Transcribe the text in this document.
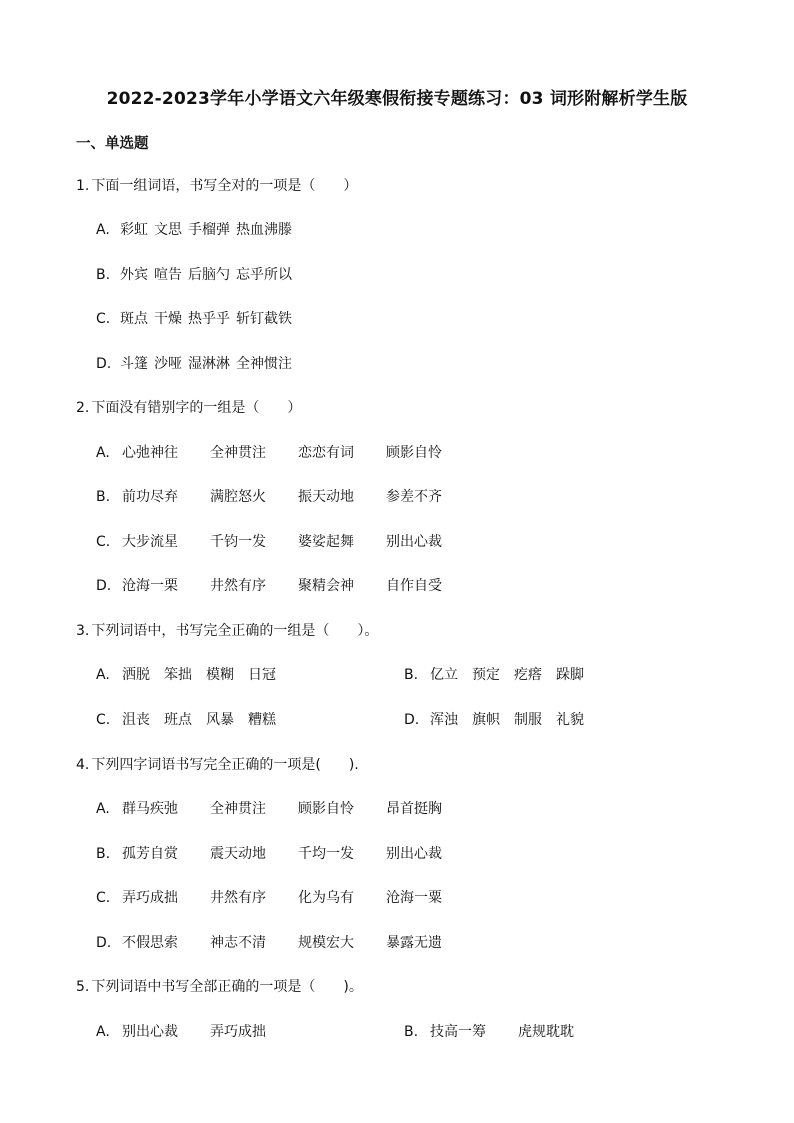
2022-2023学年小学语文六年级寒假衔接专题练习：03 词形附解析学生版
一、单选题
1. 下面一组词语，书写全对的一项是（　　）
A. 彩虹 文思 手榴弹 热血沸滕
B. 外宾 喧告 后脑勺 忘乎所以
C. 斑点 干燥 热乎乎 斩钉截铁
D. 斗篷 沙哑 湿淋淋 全神惯注
2. 下面没有错别字的一组是（　　）
A. 心弛神往 全神贯注 恋恋有词 顾影自怜
B. 前功尽弃 满腔怒火 振天动地 参差不齐
C. 大步流星 千钧一发 婆娑起舞 别出心裁
D. 沧海一栗 井然有序 聚精会神 自作自受
3. 下列词语中，书写完全正确的一组是（　　）。
A. 洒脱 笨拙 模糊 日冠	B. 亿立 预定 疙瘩 跺脚
C. 沮丧 班点 风暴 糟糕	D. 浑浊 旗帜 制服 礼貌
4. 下列四字词语书写完全正确的一项是(　　).
A. 群马疾弛 全神贯注 顾影自怜 昂首挺胸
B. 孤芳自赏 震天动地 千均一发 别出心裁
C. 弄巧成拙 井然有序 化为乌有 沧海一粟
D. 不假思索 神志不清 规模宏大 暴露无遗
5. 下列词语中书写全部正确的一项是（　　)。
A. 别出心裁 弄巧成拙	B. 技高一筹 虎规耽耽
